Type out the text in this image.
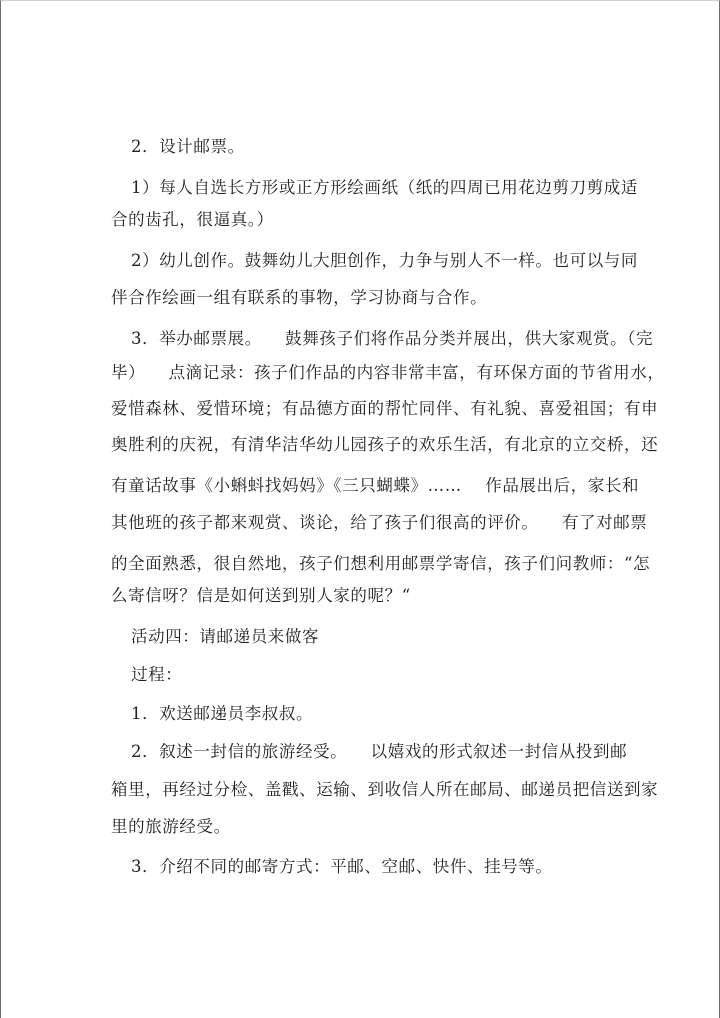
2．设计邮票。
1）每人自选长方形或正方形绘画纸（纸的四周已用花边剪刀剪成适
合的齿孔，很逼真。）
2）幼儿创作。鼓舞幼儿大胆创作，力争与别人不一样。也可以与同
伴合作绘画一组有联系的事物，学习协商与合作。
3．举办邮票展。    鼓舞孩子们将作品分类并展出，供大家观赏。（完
毕）    点滴记录：孩子们作品的内容非常丰富，有环保方面的节省用水，
爱惜森林、爱惜环境；有品德方面的帮忙同伴、有礼貌、喜爱祖国；有申
奥胜利的庆祝，有清华洁华幼儿园孩子的欢乐生活，有北京的立交桥，还
有童话故事《小蝌蚪找妈妈》《三只蝴蝶》……    作品展出后，家长和
其他班的孩子都来观赏、谈论，给了孩子们很高的评价。    有了对邮票
的全面熟悉，很自然地，孩子们想利用邮票学寄信，孩子们问教师：“怎
么寄信呀？信是如何送到别人家的呢？“
活动四：请邮递员来做客
过程：
1．欢送邮递员李叔叔。
2．叙述一封信的旅游经受。    以嬉戏的形式叙述一封信从投到邮
箱里，再经过分检、盖戳、运输、到收信人所在邮局、邮递员把信送到家
里的旅游经受。
3．介绍不同的邮寄方式：平邮、空邮、快件、挂号等。
